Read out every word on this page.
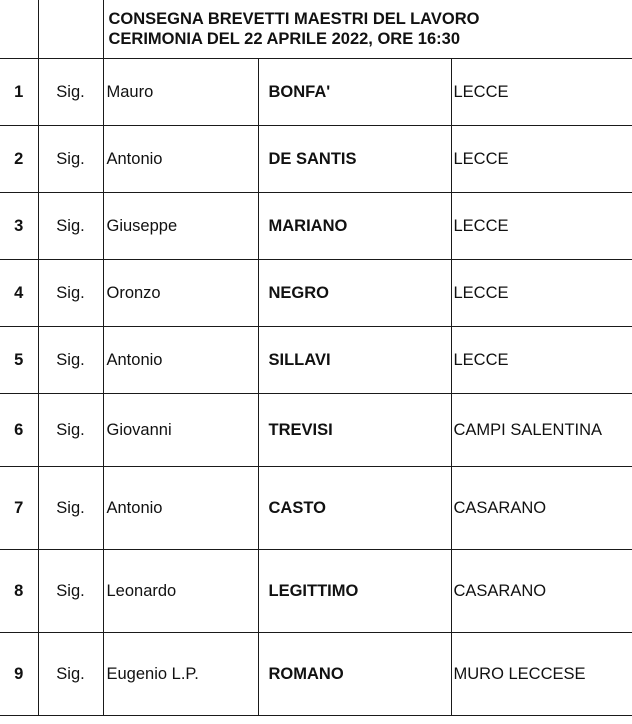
		CONSEGNA BREVETTI MAESTRI DEL LAVORO
CERIMONIA DEL 22 APRILE 2022, ORE 16:30		

1	Sig.	Mauro	BONFA'	LECCE
2	Sig.	Antonio	DE SANTIS	LECCE
3	Sig.	Giuseppe	MARIANO	LECCE
4	Sig.	Oronzo	NEGRO	LECCE
5	Sig.	Antonio	SILLAVI	LECCE
6	Sig.	Giovanni	TREVISI	CAMPI SALENTINA
7	Sig.	Antonio	CASTO	CASARANO
8	Sig.	Leonardo	LEGITTIMO	CASARANO
9	Sig.	Eugenio L.P.	ROMANO	MURO LECCESE
